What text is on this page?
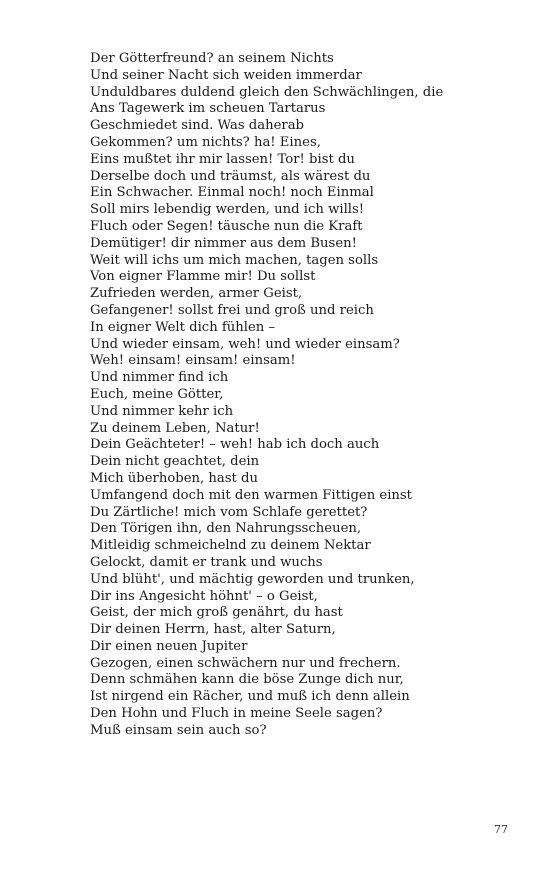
Der Götterfreund? an seinem Nichts
Und seiner Nacht sich weiden immerdar
Unduldbares duldend gleich den Schwächlingen, die
Ans Tagewerk im scheuen Tartarus
Geschmiedet sind. Was daherab
Gekommen? um nichts? ha! Eines,
Eins mußtet ihr mir lassen! Tor! bist du
Derselbe doch und träumst, als wärest du
Ein Schwacher. Einmal noch! noch Einmal
Soll mirs lebendig werden, und ich wills!
Fluch oder Segen! täusche nun die Kraft
Demütiger! dir nimmer aus dem Busen!
Weit will ichs um mich machen, tagen solls
Von eigner Flamme mir! Du sollst
Zufrieden werden, armer Geist,
Gefangener! sollst frei und groß und reich
In eigner Welt dich fühlen –
Und wieder einsam, weh! und wieder einsam?
Weh! einsam! einsam! einsam!
Und nimmer find ich
Euch, meine Götter,
Und nimmer kehr ich
Zu deinem Leben, Natur!
Dein Geächteter! – weh! hab ich doch auch
Dein nicht geachtet, dein
Mich überhoben, hast du
Umfangend doch mit den warmen Fittigen einst
Du Zärtliche! mich vom Schlafe gerettet?
Den Törigen ihn, den Nahrungsscheuen,
Mitleidig schmeichelnd zu deinem Nektar
Gelockt, damit er trank und wuchs
Und blüht', und mächtig geworden und trunken,
Dir ins Angesicht höhnt' – o Geist,
Geist, der mich groß genährt, du hast
Dir deinen Herrn, hast, alter Saturn,
Dir einen neuen Jupiter
Gezogen, einen schwächern nur und frechern.
Denn schmähen kann die böse Zunge dich nur,
Ist nirgend ein Rächer, und muß ich denn allein
Den Hohn und Fluch in meine Seele sagen?
Muß einsam sein auch so?
77
